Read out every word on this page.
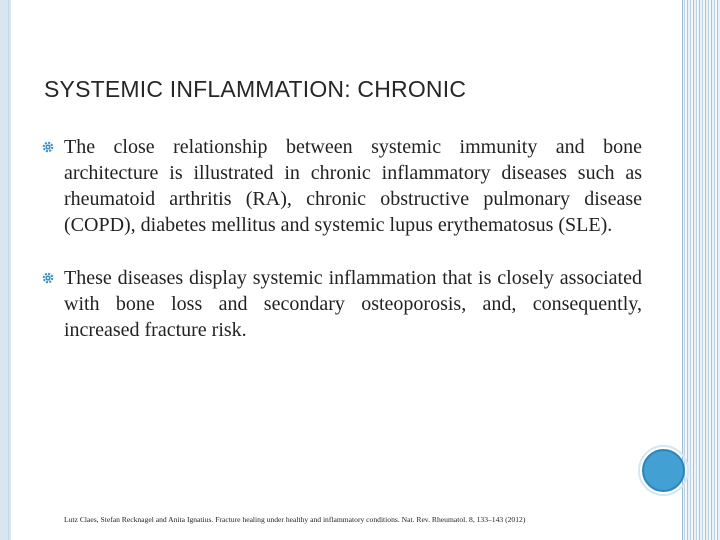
SYSTEMIC INFLAMMATION: CHRONIC
The close relationship between systemic immunity and bone architecture is illustrated in chronic inflammatory diseases such as rheumatoid arthritis (RA), chronic obstructive pulmonary disease (COPD), diabetes mellitus and systemic lupus erythematosus (SLE).
These diseases display systemic inflammation that is closely associated with bone loss and secondary osteoporosis, and, consequently, increased fracture risk.
Lutz Claes, Stefan Recknagel and Anita Ignatius. Fracture healing under healthy and inflammatory conditions. Nat. Rev. Rheumatol. 8, 133–143 (2012)
